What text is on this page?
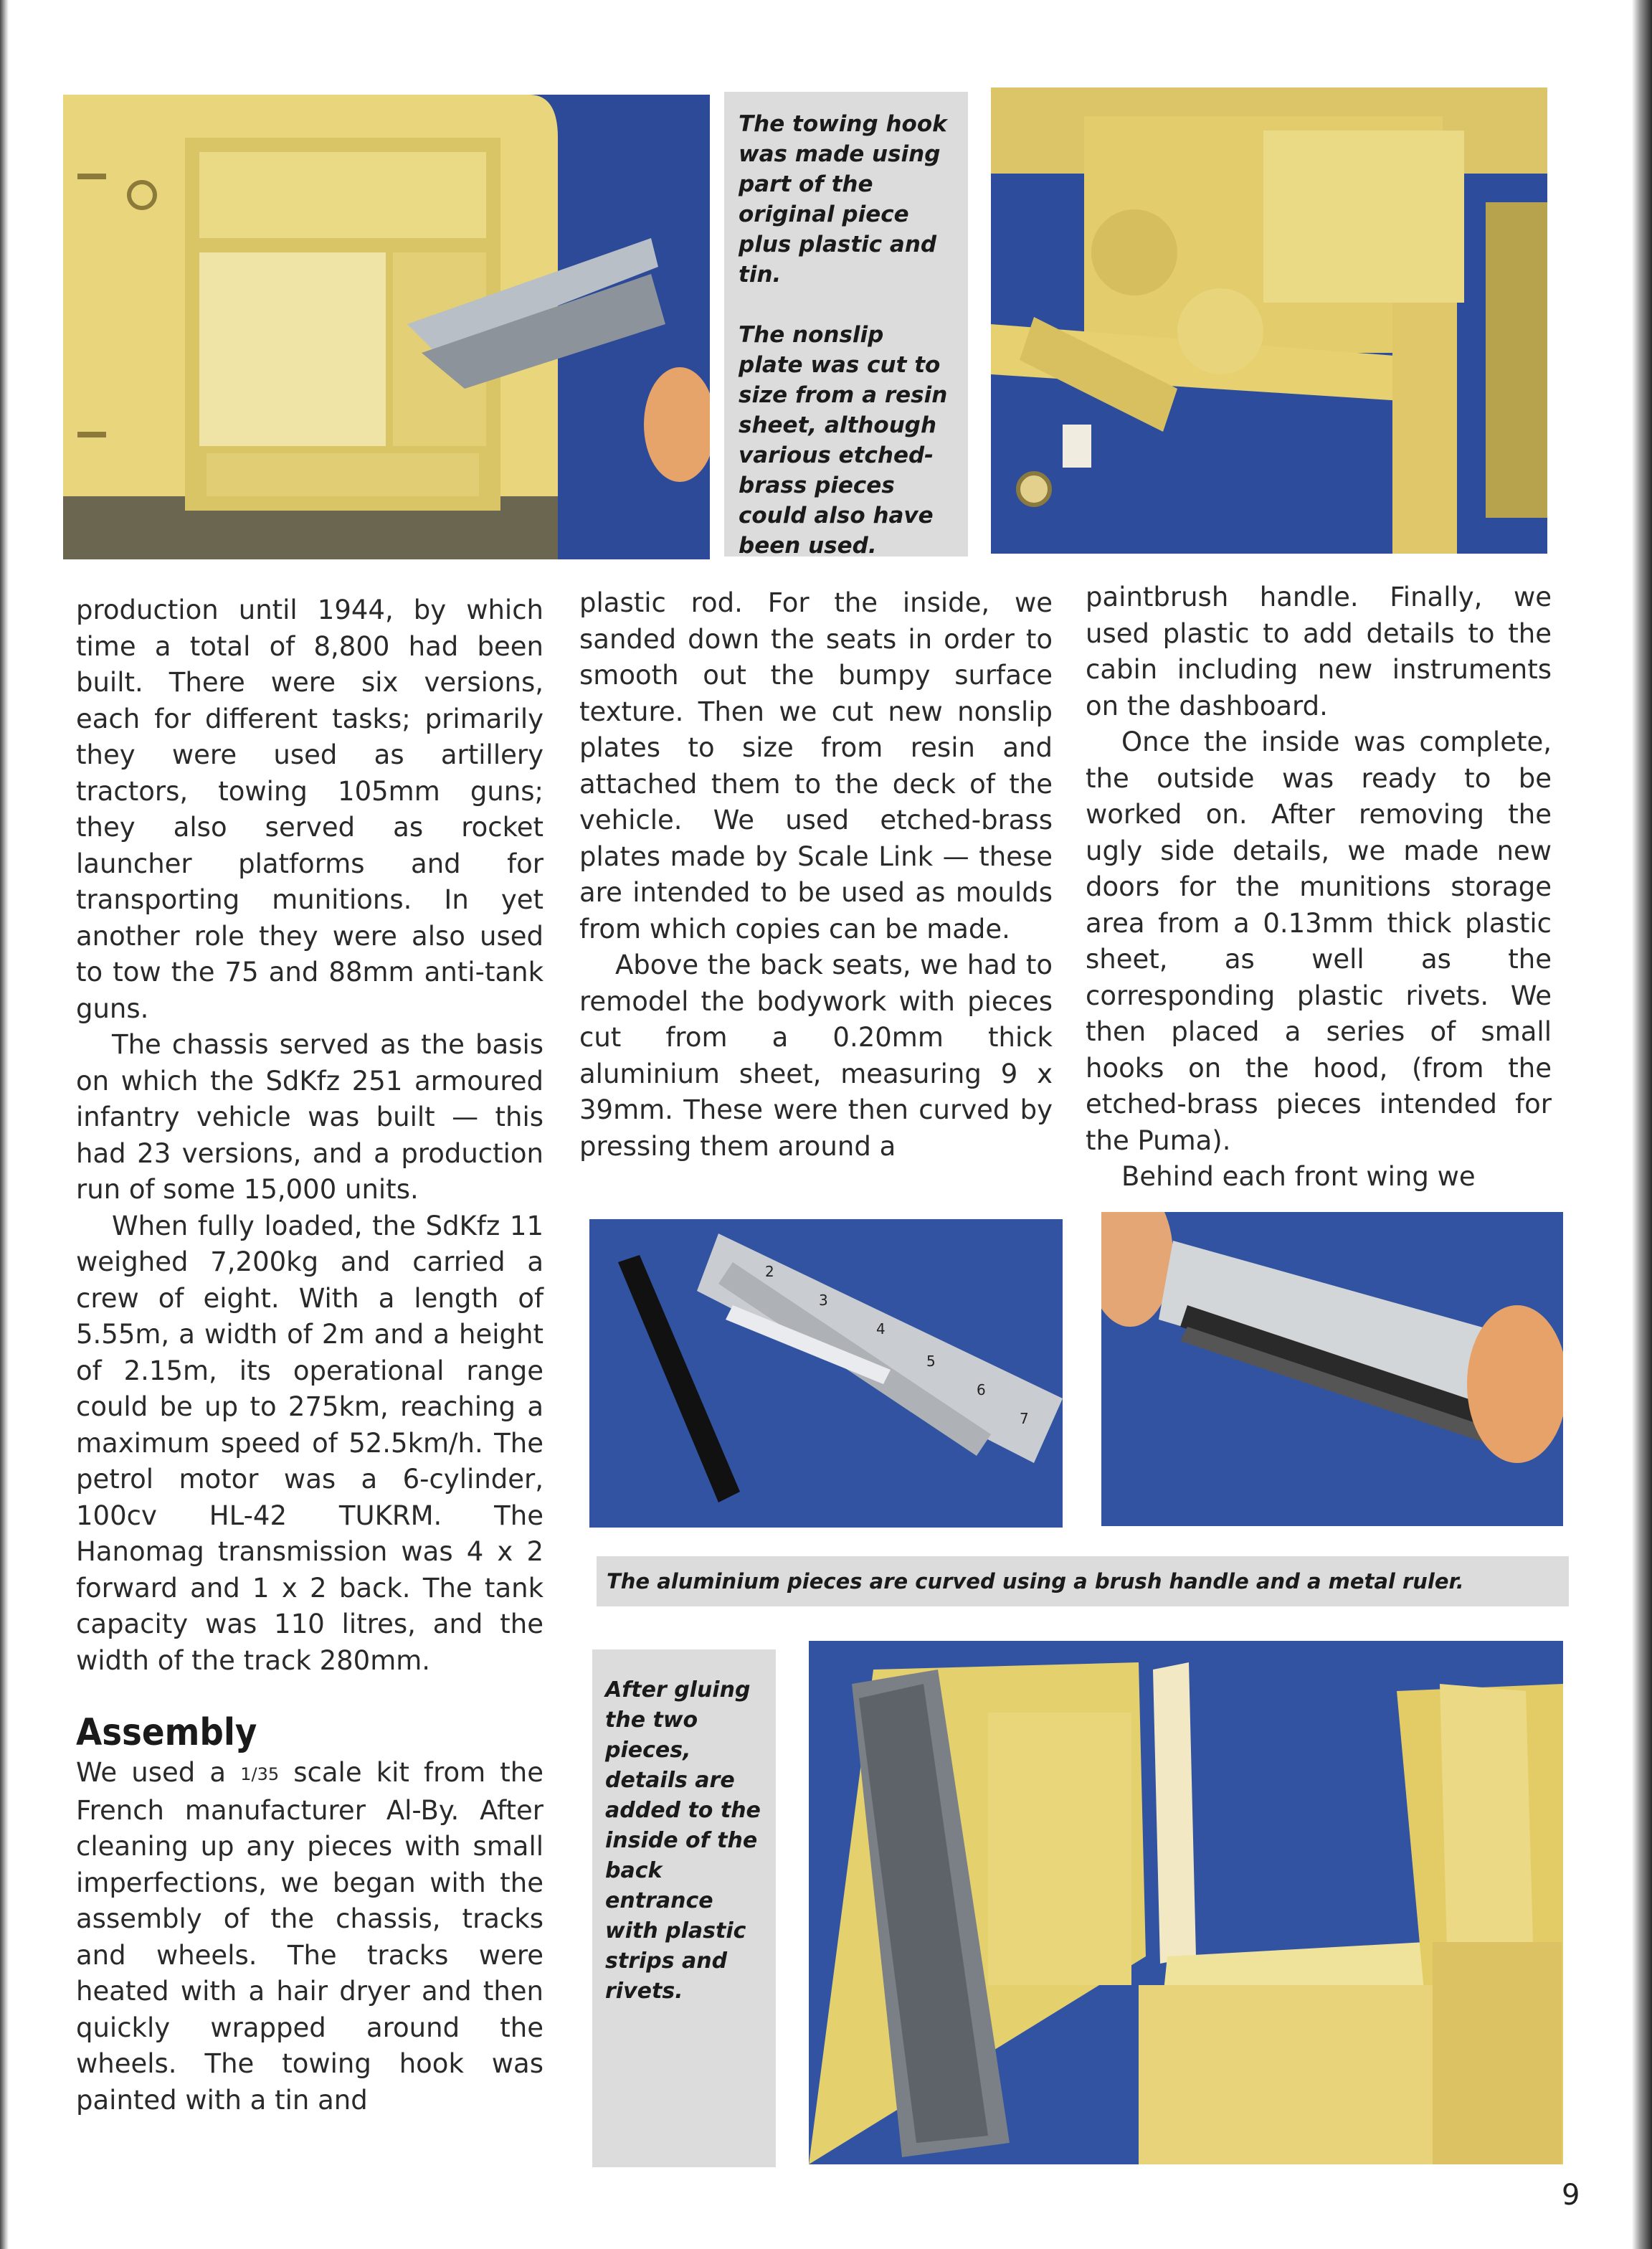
The towing hook was made using part of the original piece plus plastic and tin.

The nonslip plate was cut to size from a resin sheet, although various etched-brass pieces could also have been used.

production until 1944, by which time a total of 8,800 had been built. There were six versions, each for different tasks; primarily they were used as artillery tractors, towing 105mm guns; they also served as rocket launcher platforms and for transporting munitions. In yet another role they were also used to tow the 75 and 88mm anti-tank guns.

The chassis served as the basis on which the SdKfz 251 armoured infantry vehicle was built — this had 23 versions, and a production run of some 15,000 units.

When fully loaded, the SdKfz 11 weighed 7,200kg and carried a crew of eight. With a length of 5.55m, a width of 2m and a height of 2.15m, its operational range could be up to 275km, reaching a maximum speed of 52.5km/h. The petrol motor was a 6-cylinder, 100cv HL-42 TUKRM. The Hanomag transmission was 4 x 2 forward and 1 x 2 back. The tank capacity was 110 litres, and the width of the track 280mm.

Assembly

We used a 1/35 scale kit from the French manufacturer Al-By. After cleaning up any pieces with small imperfections, we began with the assembly of the chassis, tracks and wheels. The tracks were heated with a hair dryer and then quickly wrapped around the wheels. The towing hook was painted with a tin and

plastic rod. For the inside, we sanded down the seats in order to smooth out the bumpy surface texture. Then we cut new nonslip plates to size from resin and attached them to the deck of the vehicle. We used etched-brass plates made by Scale Link — these are intended to be used as moulds from which copies can be made.

Above the back seats, we had to remodel the bodywork with pieces cut from a 0.20mm thick aluminium sheet, measuring 9 x 39mm. These were then curved by pressing them around a

paintbrush handle. Finally, we used plastic to add details to the cabin including new instruments on the dashboard.

Once the inside was complete, the outside was ready to be worked on. After removing the ugly side details, we made new doors for the munitions storage area from a 0.13mm thick plastic sheet, as well as the corresponding plastic rivets. We then placed a series of small hooks on the hood, (from the etched-brass pieces intended for the Puma).

Behind each front wing we

2
3
4
5
6
7
The aluminium pieces are curved using a brush handle and a metal ruler.

After gluing the two pieces, details are added to the inside of the back entrance with plastic strips and rivets.

9
